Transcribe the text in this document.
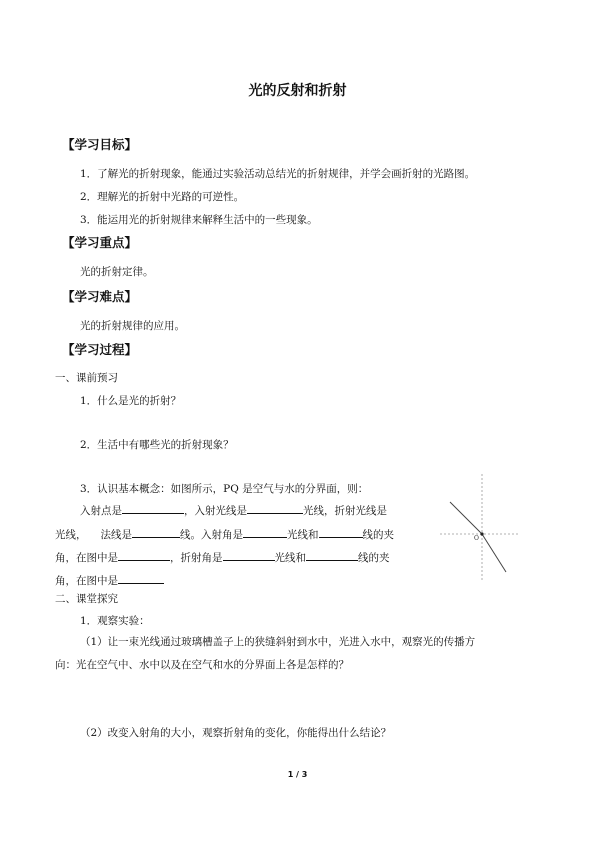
光的反射和折射
【学习目标】
1．了解光的折射现象，能通过实验活动总结光的折射规律，并学会画折射的光路图。
2．理解光的折射中光路的可逆性。
3．能运用光的折射规律来解释生活中的一些现象。
【学习重点】
光的折射定律。
【学习难点】
光的折射规律的应用。
【学习过程】
一、课前预习
1．什么是光的折射？
2．生活中有哪些光的折射现象？
3．认识基本概念：如图所示，PQ 是空气与水的分界面，则：
入射点是	，入射光线是	光线，折射光线是
光线， 法线是	线。入射角是	光线和	线的夹
角，在图中是	，折射角是	光线和	线的夹
角，在图中是
O
二、课堂探究
1．观察实验：
（1）让一束光线通过玻璃槽盖子上的狭缝斜射到水中，光进入水中，观察光的传播方
向：光在空气中、水中以及在空气和水的分界面上各是怎样的？
（2）改变入射角的大小，观察折射角的变化，你能得出什么结论？
1 / 3
